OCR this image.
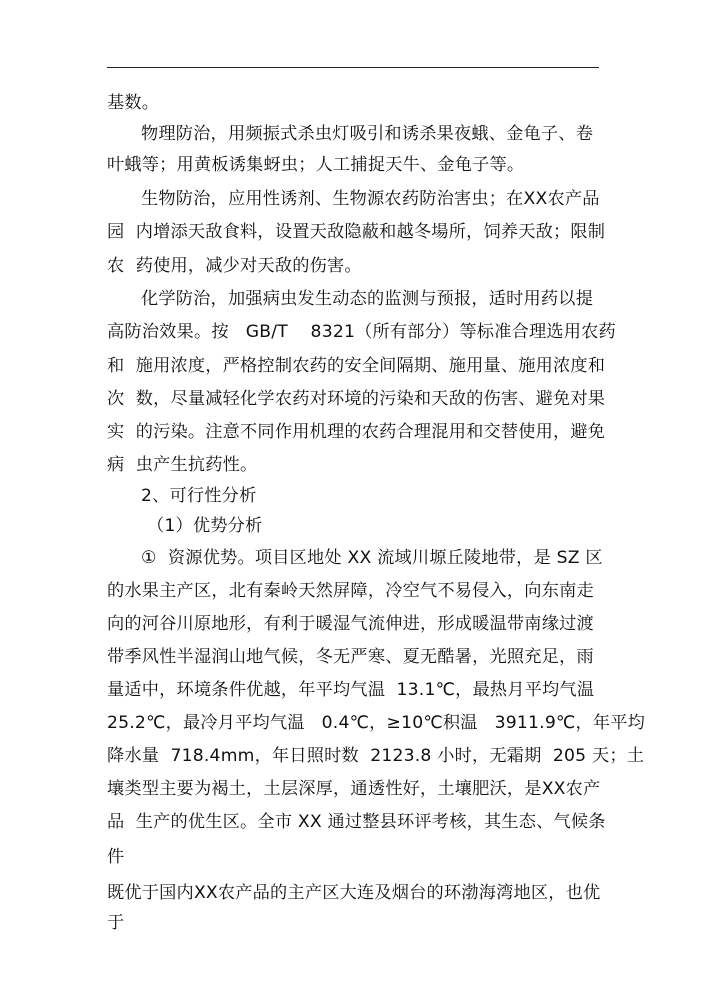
基数。
物理防治，用频振式杀虫灯吸引和诱杀果夜蛾、金龟子、卷
叶蛾等；用黄板诱集蚜虫；人工捕捉天牛、金龟子等。
生物防治，应用性诱剂、生物源农药防治害虫；在XX农产品
园  内增添天敌食料，设置天敌隐蔽和越冬場所，饲养天敌；限制
农  药使用，减少对天敌的伤害。
化学防治，加强病虫发生动态的监测与预报，适时用药以提
高防治效果。按   GB/T    8321（所有部分）等标准合理选用农药
和  施用浓度，严格控制农药的安全间隔期、施用量、施用浓度和
次  数，尽量减轻化学农药对环境的污染和天敌的伤害、避免对果
实  的污染。注意不同作用机理的农药合理混用和交替使用，避免
病  虫产生抗药性。
2、可行性分析
（1）优势分析
①  资源优势。项目区地处 XX 流域川塬丘陵地带，是 SZ 区
的水果主产区，北有秦岭天然屏障，冷空气不易侵入，向东南走
向的河谷川原地形，有利于暖湿气流伸进，形成暖温带南缘过渡
带季风性半湿润山地气候，冬无严寒、夏无酷暑，光照充足，雨
量适中，环境条件优越，年平均气温  13.1℃，最热月平均气温
25.2℃，最冷月平均气温   0.4℃，≥10℃积温   3911.9℃，年平均
降水量  718.4mm，年日照时数  2123.8 小时，无霜期  205 天；土
壤类型主要为褐土，土层深厚，通透性好，土壤肥沃，是XX农产
品  生产的优生区。全市 XX 通过整县环评考核，其生态、气候条
件
既优于国内XX农产品的主产区大连及烟台的环渤海湾地区，也优
于
